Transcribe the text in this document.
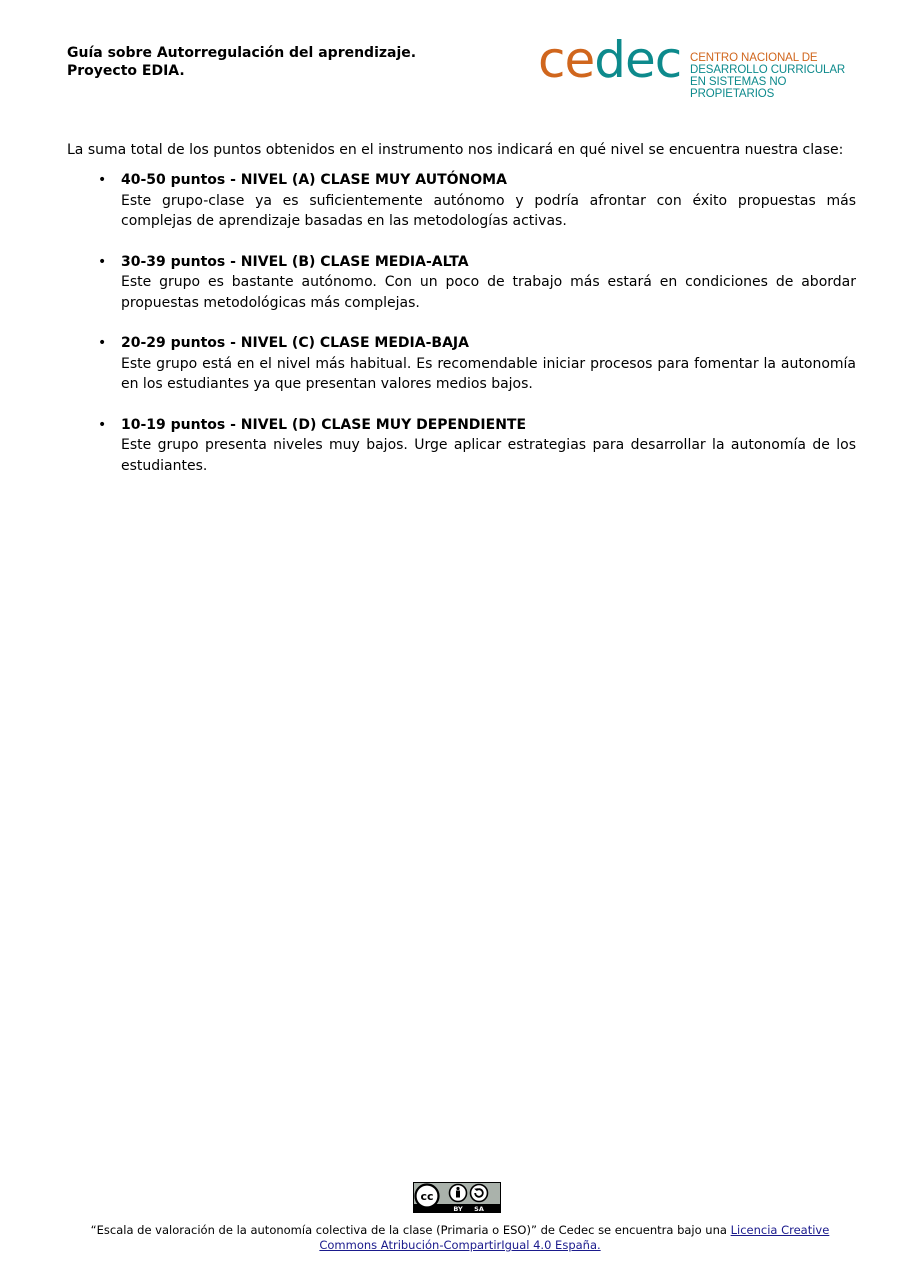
Guía sobre Autorregulación del aprendizaje.
Proyecto EDIA.	cedec CENTRO NACIONAL DE
DESARROLLO CURRICULAR
EN SISTEMAS NO PROPIETARIOS

La suma total de los puntos obtenidos en el instrumento nos indicará en qué nivel se encuentra nuestra clase:

• 40-50 puntos - NIVEL (A) CLASE MUY AUTÓNOMA
Este grupo-clase ya es suficientemente autónomo y podría afrontar con éxito propuestas más complejas de aprendizaje basadas en las metodologías activas.
• 30-39 puntos - NIVEL (B) CLASE MEDIA-ALTA
Este grupo es bastante autónomo. Con un poco de trabajo más estará en condiciones de abordar propuestas metodológicas más complejas.
• 20-29 puntos - NIVEL (C) CLASE MEDIA-BAJA
Este grupo está en el nivel más habitual. Es recomendable iniciar procesos para fomentar la autonomía en los estudiantes ya que presentan valores medios bajos.
• 10-19 puntos - NIVEL (D) CLASE MUY DEPENDIENTE
Este grupo presenta niveles muy bajos. Urge aplicar estrategias para desarrollar la autonomía de los estudiantes.
cc
BY SA
“Escala de valoración de la autonomía colectiva de la clase (Primaria o ESO)” de Cedec se encuentra bajo una Licencia Creative Commons Atribución-CompartirIgual 4.0 España.
